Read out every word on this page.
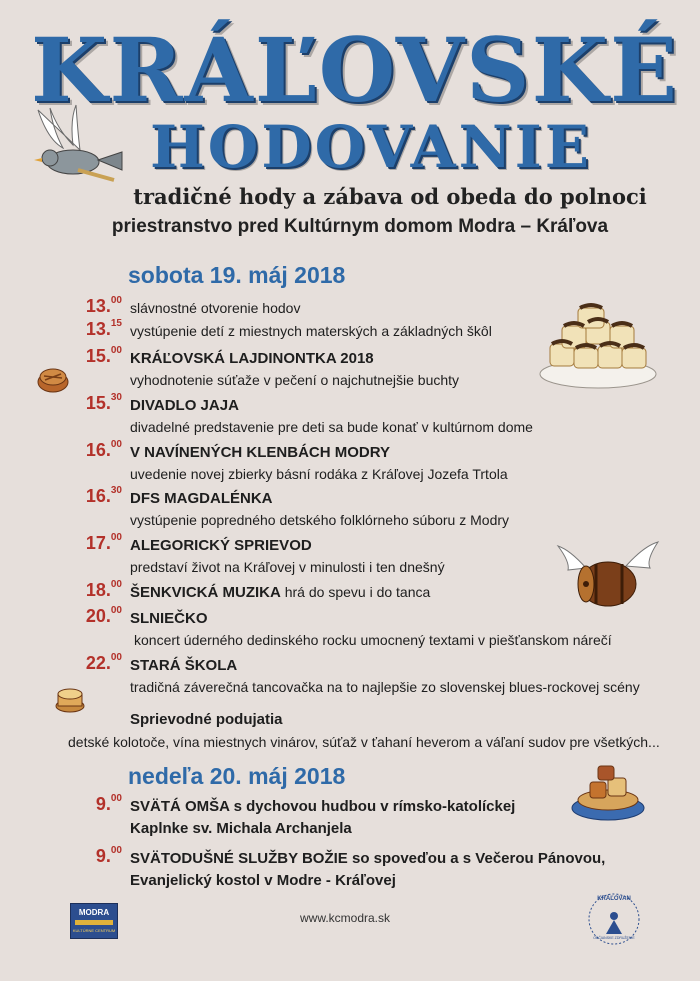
KRÁĽOVSKÉ
HODOVANIE
tradičné hody a zábava od obeda do polnoci
priestranstvo pred Kultúrnym domom Modra – Kráľova
sobota 19. máj 2018
13.00 slávnostné otvorenie hodov
13.15 vystúpenie detí z miestnych materských a základných škôl
15.00 KRÁĽOVSKÁ LAJDINONTKA 2018
vyhodnotenie súťaže v pečení o najchutnejšie buchty
15.30 DIVADLO JAJA
divadelné predstavenie pre deti sa bude konať v kultúrnom dome
16.00 V NAVÍNENÝCH KLENBÁCH MODRY
uvedenie novej zbierky básní rodáka z Kráľovej Jozefa Trtola
16.30 DFS MAGDALÉNKA
vystúpenie popredného detského folklórneho súboru z Modry
17.00 ALEGORICKÝ SPRIEVOD
predstaví život na Kráľovej v minulosti i ten dnešný
18.00 ŠENKVICKÁ MUZIKA hrá do spevu i do tanca
20.00 SLNIEČKO
koncert úderného dedinského rocku umocnený textami v piešťanskom nárečí
22.00 STARÁ ŠKOLA
tradičná záverečná tancovačka na to najlepšie zo slovenskej blues-rockovej scény
Sprievodné podujatia
detské kolotoče, vína miestnych vinárov, súťaž v ťahaní heverom a váľaní sudov pre všetkých...
nedeľa 20. máj 2018
9.00 SVÄTÁ OMŠA s dychovou hudbou v rímsko-katolíckej
Kaplnke sv. Michala Archanjela
9.00 SVÄTODUŠNÉ SLUŽBY BOŽIE so spoveďou a s Večerou Pánovou,
Evanjelický kostol v Modre - Kráľovej
MODRA
KULTÚRNE CENTRUM
www.kcmodra.sk
KRÁĽOVAN
OBČIANSKE ZDRUŽENIE
